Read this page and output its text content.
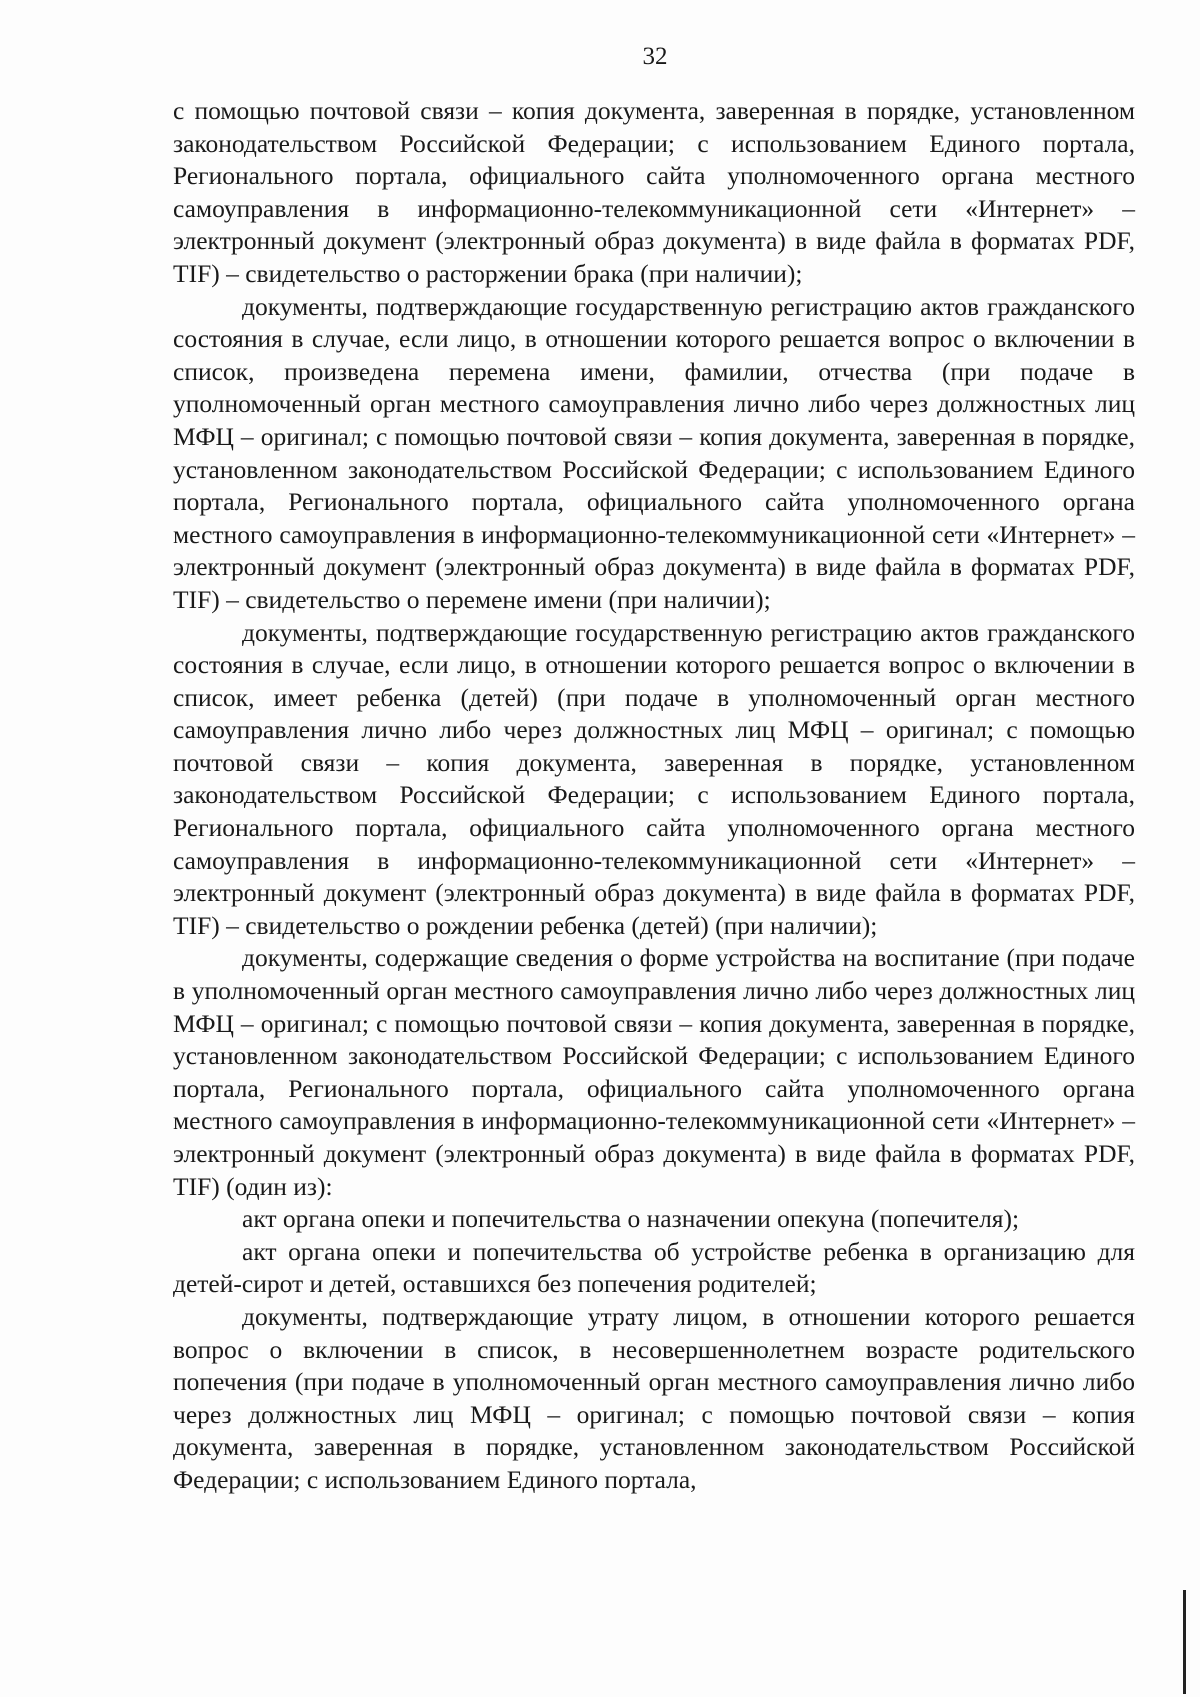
32

с помощью почтовой связи – копия документа, заверенная в порядке, установленном законодательством Российской Федерации; с использованием Единого портала, Регионального портала, официального сайта уполномоченного органа местного самоуправления в информационно-телекоммуникационной сети «Интернет» – электронный документ (электронный образ документа) в виде файла в форматах PDF, TIF) – свидетельство о расторжении брака (при наличии);

документы, подтверждающие государственную регистрацию актов гражданского состояния в случае, если лицо, в отношении которого решается вопрос о включении в список, произведена перемена имени, фамилии, отчества (при подаче в уполномоченный орган местного самоуправления лично либо через должностных лиц МФЦ – оригинал; с помощью почтовой связи – копия документа, заверенная в порядке, установленном законодательством Российской Федерации; с использованием Единого портала, Регионального портала, официального сайта уполномоченного органа местного самоуправления в информационно-телекоммуникационной сети «Интернет» – электронный документ (электронный образ документа) в виде файла в форматах PDF, TIF) – свидетельство о перемене имени (при наличии);

документы, подтверждающие государственную регистрацию актов гражданского состояния в случае, если лицо, в отношении которого решается вопрос о включении в список, имеет ребенка (детей) (при подаче в уполномоченный орган местного самоуправления лично либо через должностных лиц МФЦ – оригинал; с помощью почтовой связи – копия документа, заверенная в порядке, установленном законодательством Российской Федерации; с использованием Единого портала, Регионального портала, официального сайта уполномоченного органа местного самоуправления в информационно-телекоммуникационной сети «Интернет» – электронный документ (электронный образ документа) в виде файла в форматах PDF, TIF) – свидетельство о рождении ребенка (детей) (при наличии);

документы, содержащие сведения о форме устройства на воспитание (при подаче в уполномоченный орган местного самоуправления лично либо через должностных лиц МФЦ – оригинал; с помощью почтовой связи – копия документа, заверенная в порядке, установленном законодательством Российской Федерации; с использованием Единого портала, Регионального портала, официального сайта уполномоченного органа местного самоуправления в информационно-телекоммуникационной сети «Интернет» – электронный документ (электронный образ документа) в виде файла в форматах PDF, TIF) (один из):

акт органа опеки и попечительства о назначении опекуна (попечителя);

акт органа опеки и попечительства об устройстве ребенка в организацию для детей-сирот и детей, оставшихся без попечения родителей;

документы, подтверждающие утрату лицом, в отношении которого решается вопрос о включении в список, в несовершеннолетнем возрасте родительского попечения (при подаче в уполномоченный орган местного самоуправления лично либо через должностных лиц МФЦ – оригинал; с помощью почтовой связи – копия документа, заверенная в порядке, установленном законодательством Российской Федерации; с использованием Единого портала,
